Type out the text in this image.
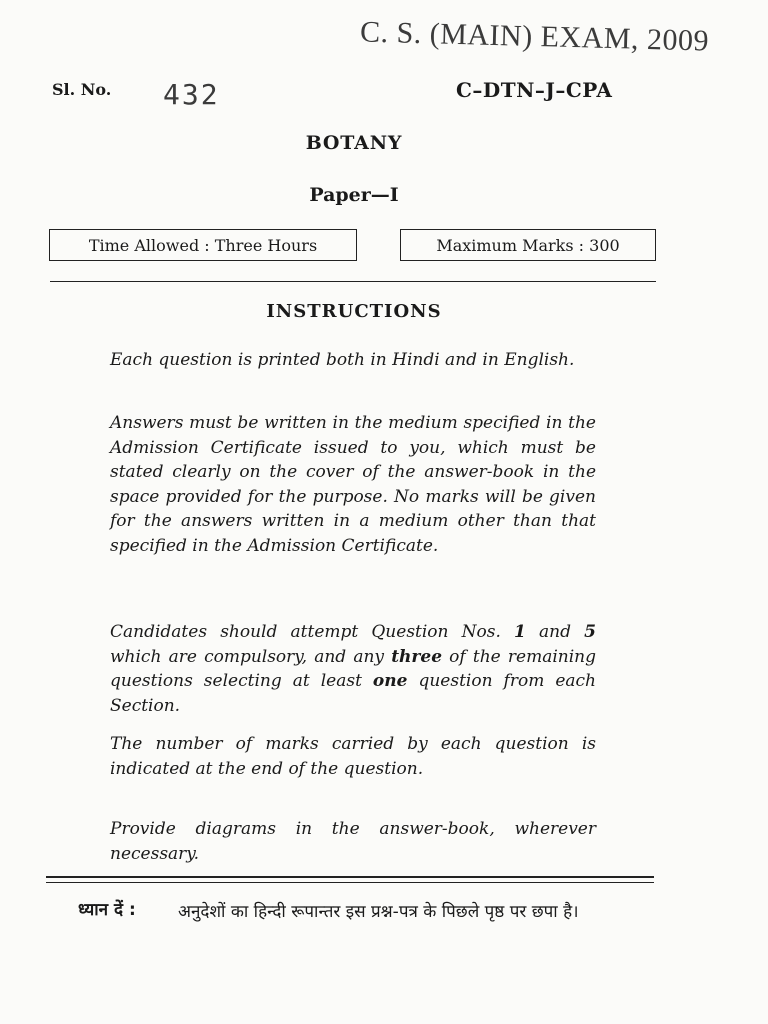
C. S. (MAIN) EXAM, 2009
Sl. No. 432	C–DTN–J–CPA
BOTANY
Paper—I
Time Allowed : Three Hours	Maximum Marks : 300
INSTRUCTIONS

Each question is printed both in Hindi and in English.

Answers must be written in the medium specified in the Admission Certificate issued to you, which must be stated clearly on the cover of the answer-book in the space provided for the purpose. No marks will be given for the answers written in a medium other than that specified in the Admission Certificate.

Candidates should attempt Question Nos. 1 and 5 which are compulsory, and any three of the remaining questions selecting at least one question from each Section.

The number of marks carried by each question is indicated at the end of the question.

Provide diagrams in the answer-book, wherever necessary.

ध्यान दें : अनुदेशों का हिन्दी रूपान्तर इस प्रश्न-पत्र के पिछले पृष्ठ पर छपा है।
